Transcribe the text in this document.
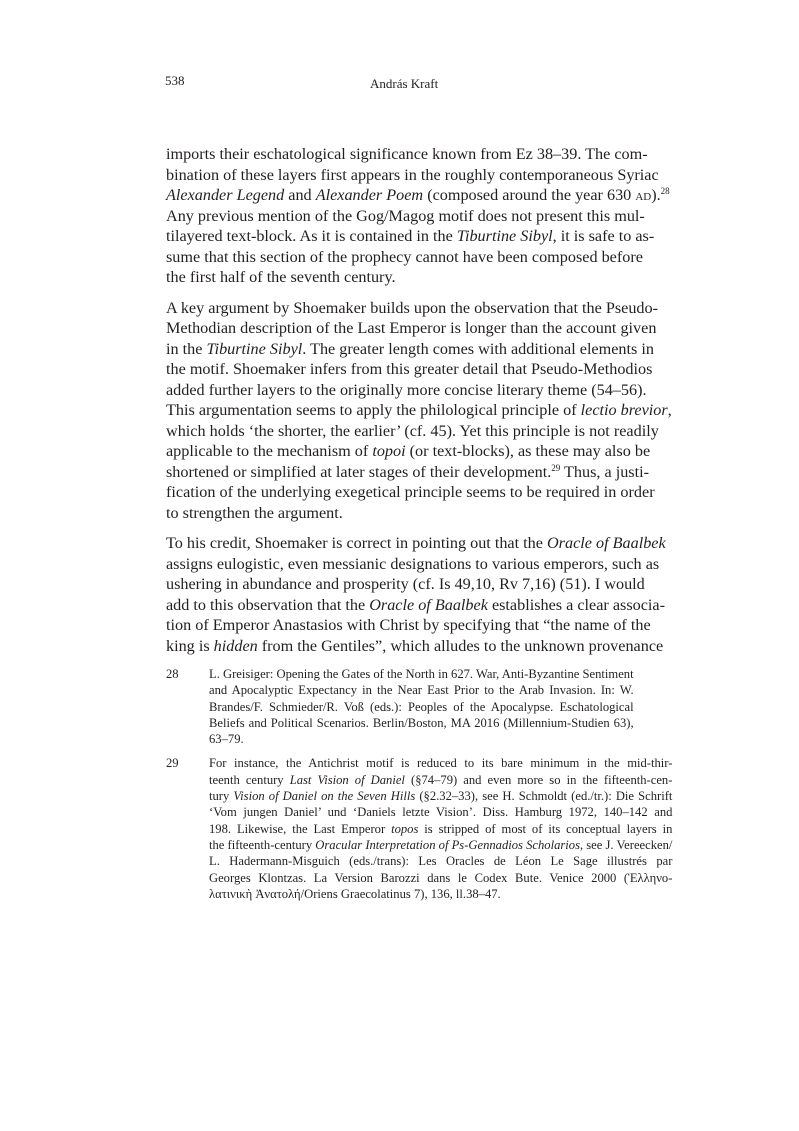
538	András Kraft

imports their eschatological significance known from Ez 38–39. The com-
bination of these layers first appears in the roughly contemporaneous Syriac
Alexander Legend and Alexander Poem (composed around the year 630 ad).$^{28}$
Any previous mention of the Gog/Magog motif does not present this mul-
tilayered text-block. As it is contained in the Tiburtine Sibyl, it is safe to as-
sume that this section of the prophecy cannot have been composed before
the first half of the seventh century.

A key argument by Shoemaker builds upon the observation that the Pseudo-
Methodian description of the Last Emperor is longer than the account given
in the Tiburtine Sibyl. The greater length comes with additional elements in
the motif. Shoemaker infers from this greater detail that Pseudo-Methodios
added further layers to the originally more concise literary theme (54–56).
This argumentation seems to apply the philological principle of lectio brevior,
which holds ‘the shorter, the earlier’ (cf. 45). Yet this principle is not readily
applicable to the mechanism of topoi (or text-blocks), as these may also be
shortened or simplified at later stages of their development.$^{29}$ Thus, a justi-
fication of the underlying exegetical principle seems to be required in order
to strengthen the argument.

To his credit, Shoemaker is correct in pointing out that the Oracle of Baalbek
assigns eulogistic, even messianic designations to various emperors, such as
ushering in abundance and prosperity (cf. Is 49,10, Rv 7,16) (51). I would
add to this observation that the Oracle of Baalbek establishes a clear associa-
tion of Emperor Anastasios with Christ by specifying that “the name of the
king is hidden from the Gentiles”, which alludes to the unknown provenance

28	L. Greisiger: Opening the Gates of the North in 627. War, Anti-Byzantine Sentiment
and Apocalyptic Expectancy in the Near East Prior to the Arab Invasion. In: W.
Brandes/F. Schmieder/R. Voß (eds.): Peoples of the Apocalypse. Eschatological
Beliefs and Political Scenarios. Berlin/Boston, MA 2016 (Millennium-Studien 63),
63–79.
29	For instance, the Antichrist motif is reduced to its bare minimum in the mid-thir-
teenth century Last Vision of Daniel (§74–79) and even more so in the fifteenth-cen-
tury Vision of Daniel on the Seven Hills (§2.32–33), see H. Schmoldt (ed./tr.): Die Schrift
‘Vom jungen Daniel’ und ‘Daniels letzte Vision’. Diss. Hamburg 1972, 140–142 and
198. Likewise, the Last Emperor topos is stripped of most of its conceptual layers in
the fifteenth-century Oracular Interpretation of Ps-Gennadios Scholarios, see J. Vereecken/
L. Hadermann-Misguich (eds./trans): Les Oracles de Léon Le Sage illustrés par
Georges Klontzas. La Version Barozzi dans le Codex Bute. Venice 2000 (Ἑλληνο-
λατινικὴ Ἀνατολή/Oriens Graecolatinus 7), 136, ll.38–47.
